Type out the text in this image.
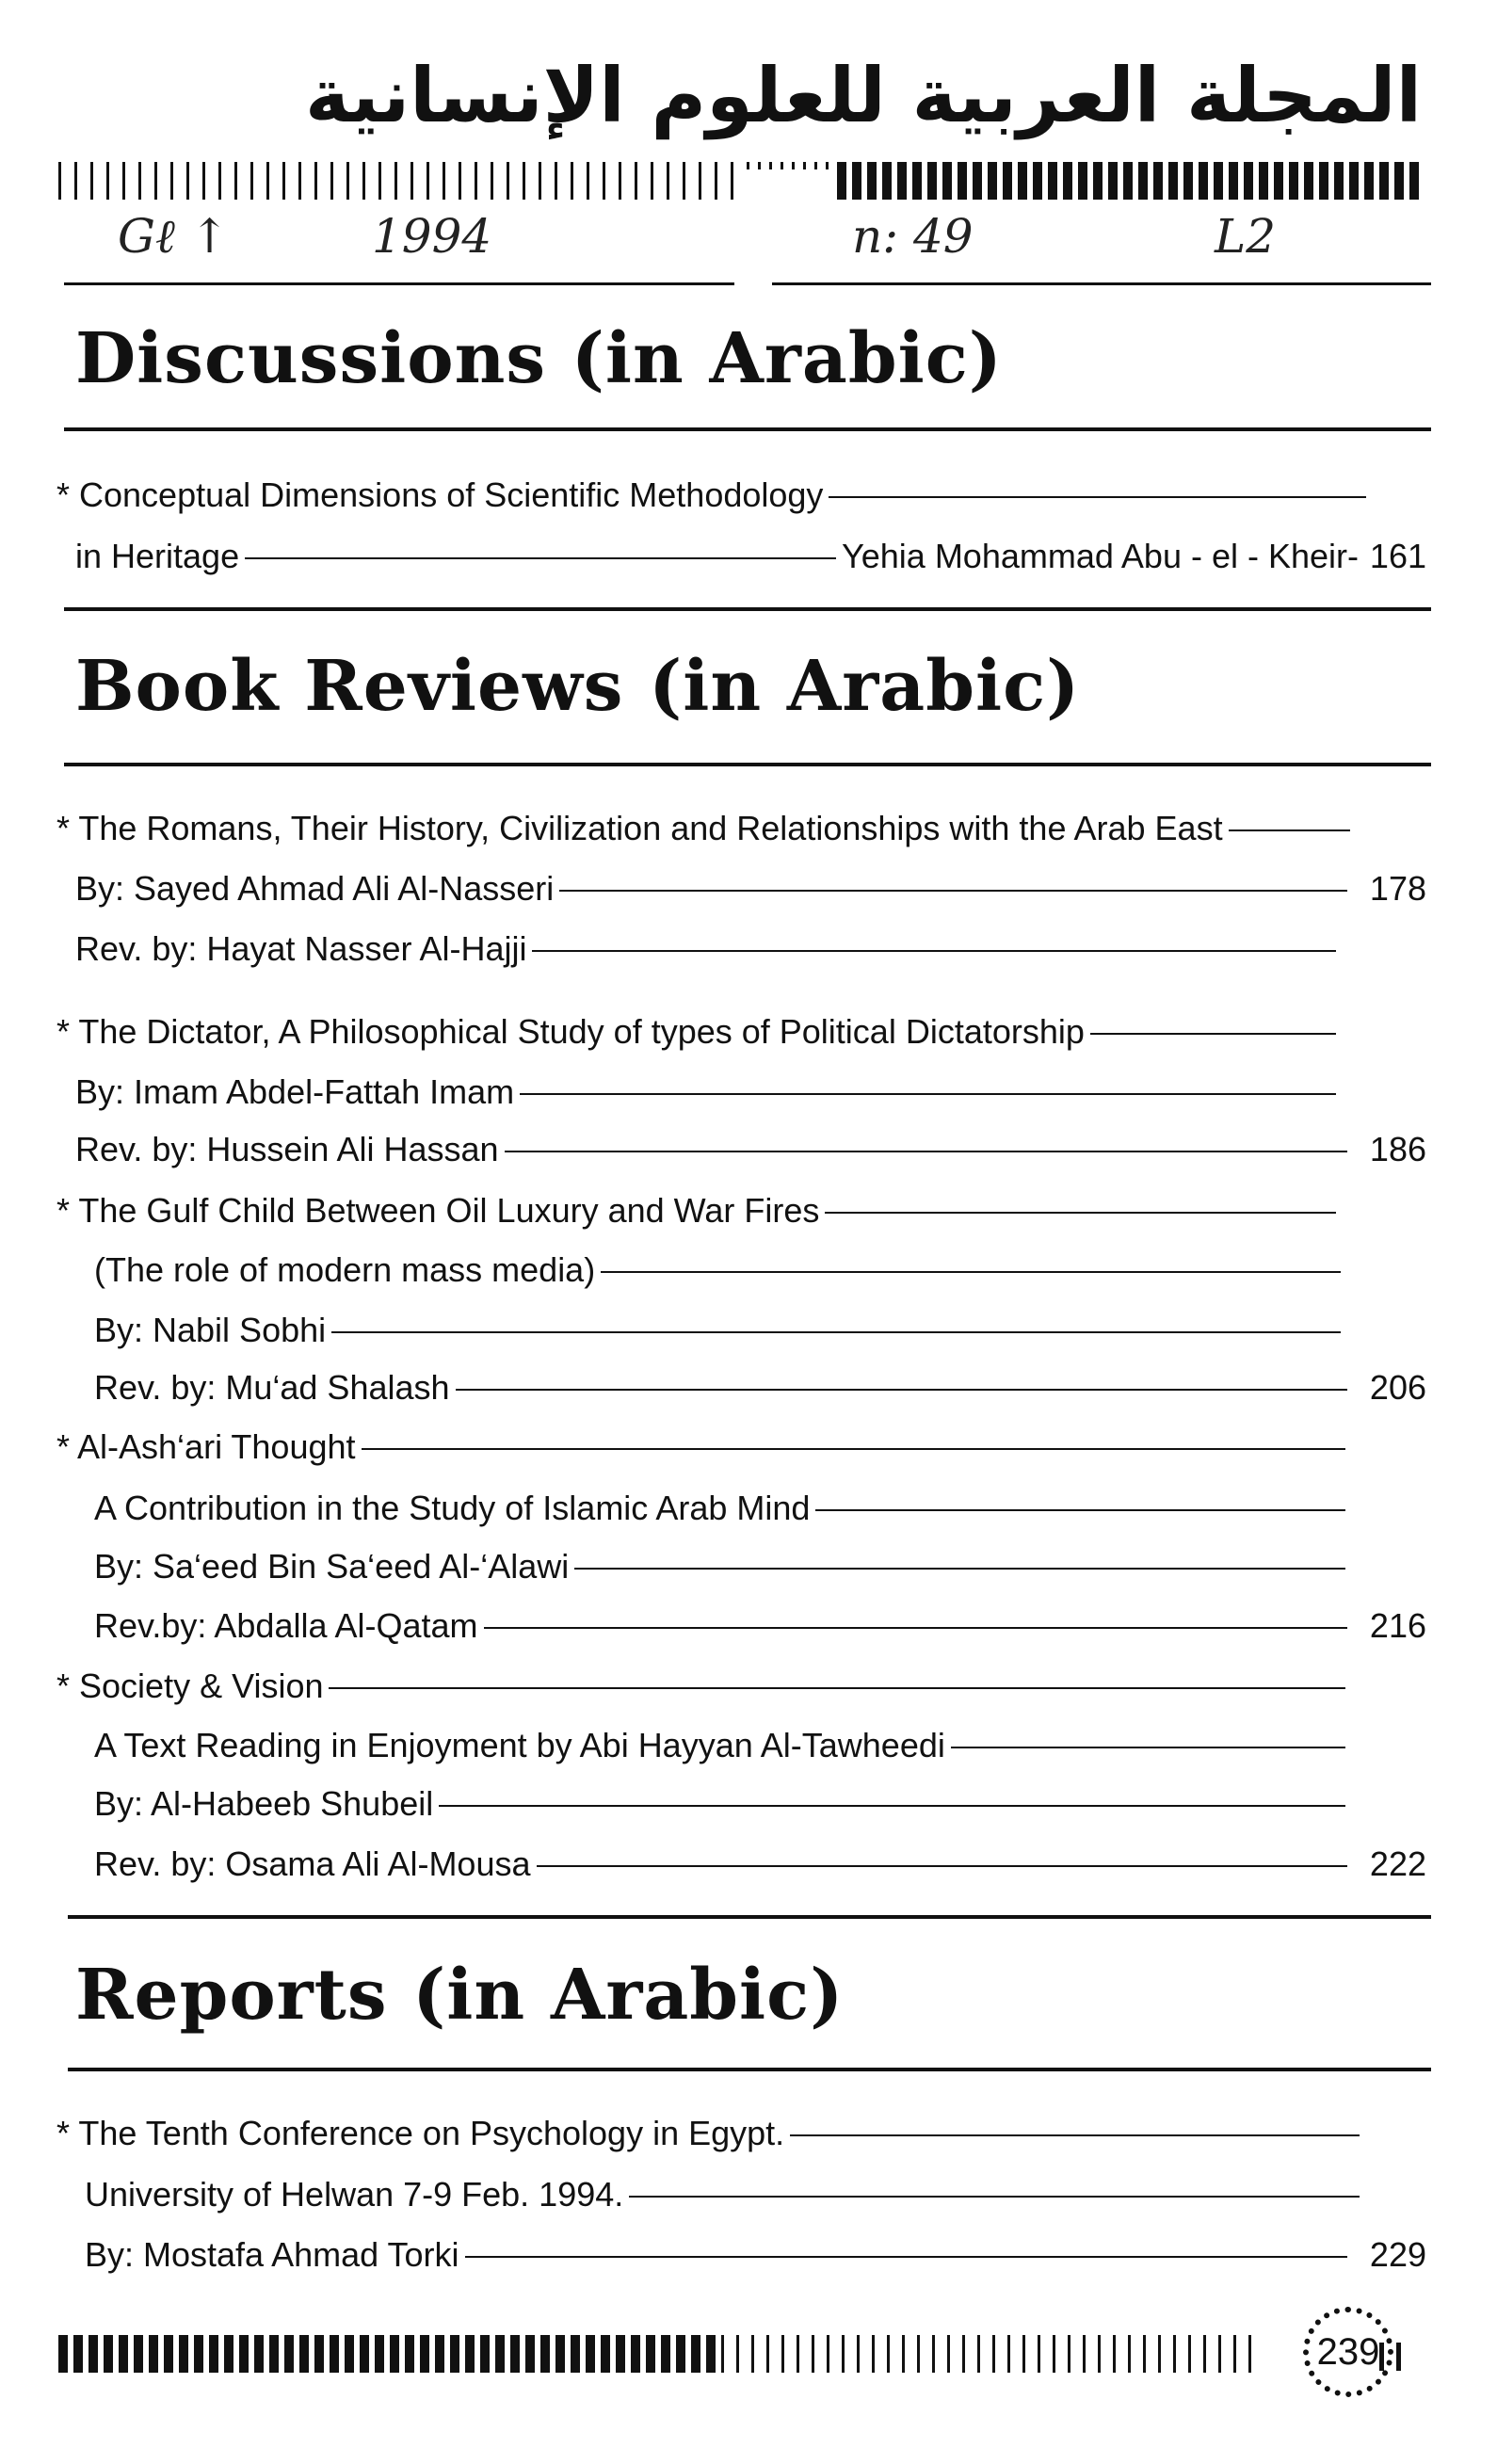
المجلة العربية للعلوم الإنسانية
Gℓ ↑	1994	n: 49	L2
Discussions (in Arabic)
* Conceptual Dimensions of Scientific Methodology
in Heritage	Yehia Mohammad Abu - el - Kheir- 161
Book Reviews (in Arabic)
* The Romans, Their History, Civilization and Relationships with the Arab East
By: Sayed Ahmad Ali Al-Nasseri	178
Rev. by: Hayat Nasser Al-Hajji
* The Dictator, A Philosophical Study of types of Political Dictatorship
By: Imam Abdel-Fattah Imam
Rev. by: Hussein Ali Hassan	186
* The Gulf Child Between Oil Luxury and War Fires
(The role of modern mass media)
By: Nabil Sobhi
Rev. by: Mu‘ad Shalash	206
* Al-Ash‘ari Thought
A Contribution in the Study of Islamic Arab Mind
By: Sa‘eed Bin Sa‘eed Al-‘Alawi
Rev.by: Abdalla Al-Qatam	216
* Society & Vision
A Text Reading in Enjoyment by Abi Hayyan Al-Tawheedi
By: Al-Habeeb Shubeil
Rev. by: Osama Ali Al-Mousa	222
Reports (in Arabic)
* The Tenth Conference on Psychology in Egypt.
University of Helwan 7-9 Feb. 1994.
By: Mostafa Ahmad Torki	229
239
